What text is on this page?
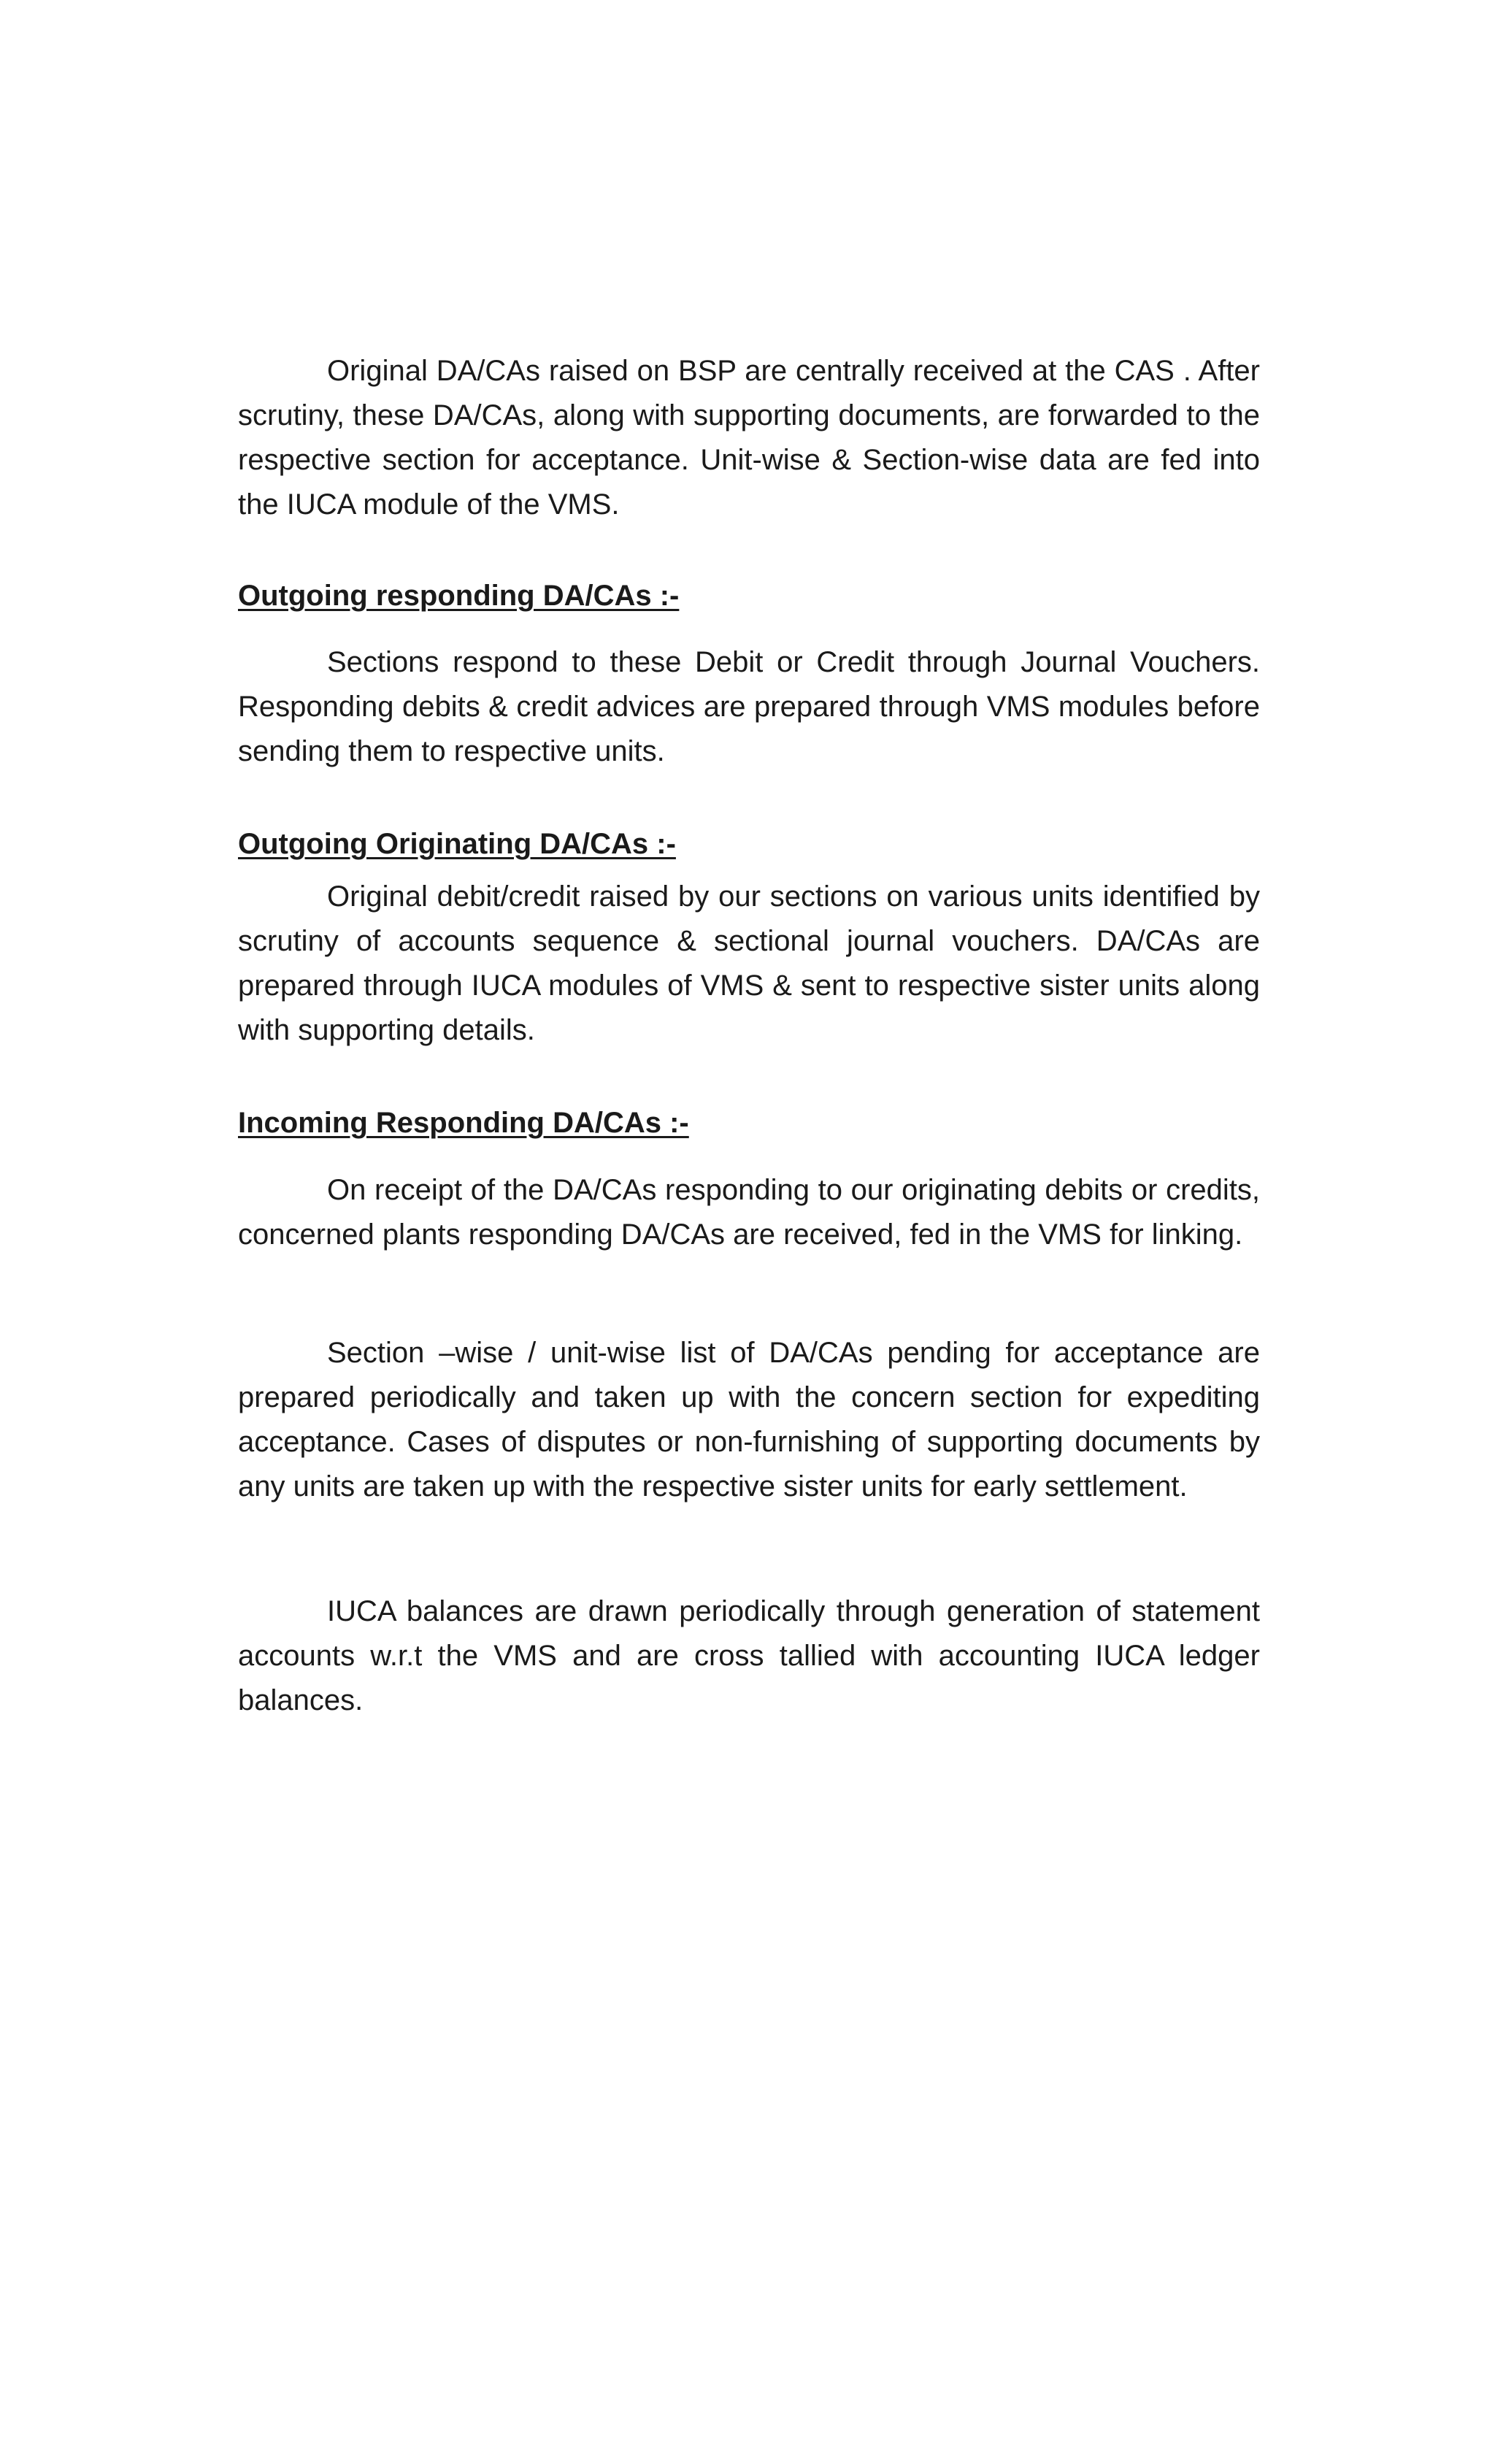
Original DA/CAs raised on BSP are centrally received at the CAS . After scrutiny, these DA/CAs, along with supporting documents, are forwarded to the respective section for acceptance. Unit-wise & Section-wise data are fed into the IUCA module of the VMS.

Outgoing responding DA/CAs :-

Sections respond to these Debit or Credit through Journal Vouchers. Responding debits & credit advices are prepared through VMS modules before sending them to respective units.

Outgoing Originating DA/CAs :-

Original debit/credit raised by our sections on various units identified by scrutiny of accounts sequence & sectional journal vouchers. DA/CAs are prepared through IUCA modules of VMS & sent to respective sister units along with supporting details.

Incoming Responding DA/CAs :-

On receipt of the DA/CAs responding to our originating debits or credits, concerned plants responding DA/CAs are received, fed in the VMS for linking.

Section –wise / unit-wise list of DA/CAs pending for acceptance are prepared periodically and taken up with the concern section for expediting acceptance. Cases of disputes or non-furnishing of supporting documents by any units are taken up with the respective sister units for early settlement.

IUCA balances are drawn periodically through generation of statement accounts w.r.t the VMS and are cross tallied with accounting IUCA ledger balances.
